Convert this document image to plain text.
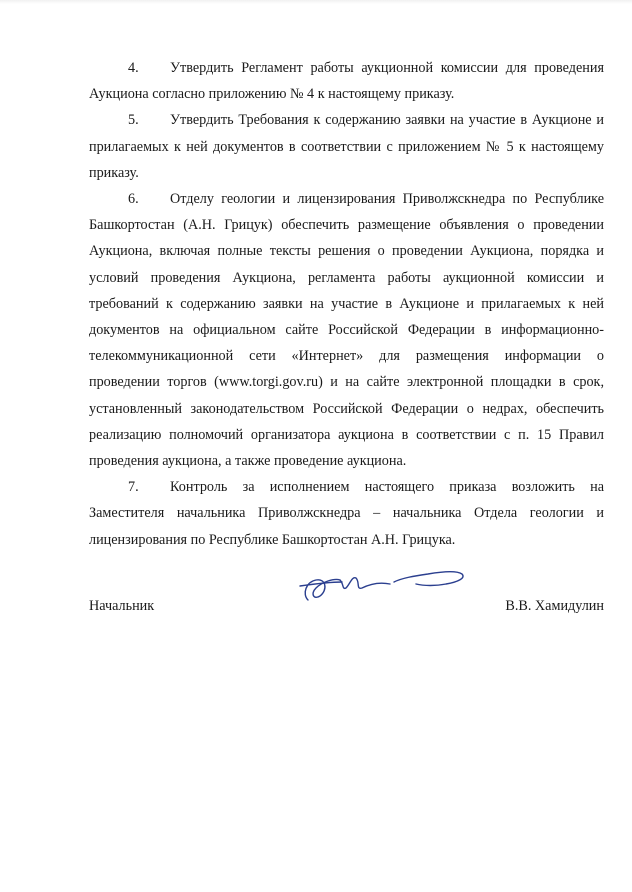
4. Утвердить Регламент работы аукционной комиссии для проведения Аукциона согласно приложению № 4 к настоящему приказу.

5. Утвердить Требования к содержанию заявки на участие в Аукционе и прилагаемых к ней документов в соответствии с приложением № 5 к настоящему приказу.

6. Отделу геологии и лицензирования Приволжскнедра по Республике Башкортостан (А.Н. Грицук) обеспечить размещение объявления о проведении Аукциона, включая полные тексты решения о проведении Аукциона, порядка и условий проведения Аукциона, регламента работы аукционной комиссии и требований к содержанию заявки на участие в Аукционе и прилагаемых к ней документов на официальном сайте Российской Федерации в информационно-телекоммуникационной сети «Интернет» для размещения информации о проведении торгов (www.torgi.gov.ru) и на сайте электронной площадки в срок, установленный законодательством Российской Федерации о недрах, обеспечить реализацию полномочий организатора аукциона в соответствии с п. 15 Правил проведения аукциона, а также проведение аукциона.

7. Контроль за исполнением настоящего приказа возложить на Заместителя начальника Приволжскнедра – начальника Отдела геологии и лицензирования по Республике Башкортостан А.Н. Грицука.

Начальник	В.В. Хамидулин
